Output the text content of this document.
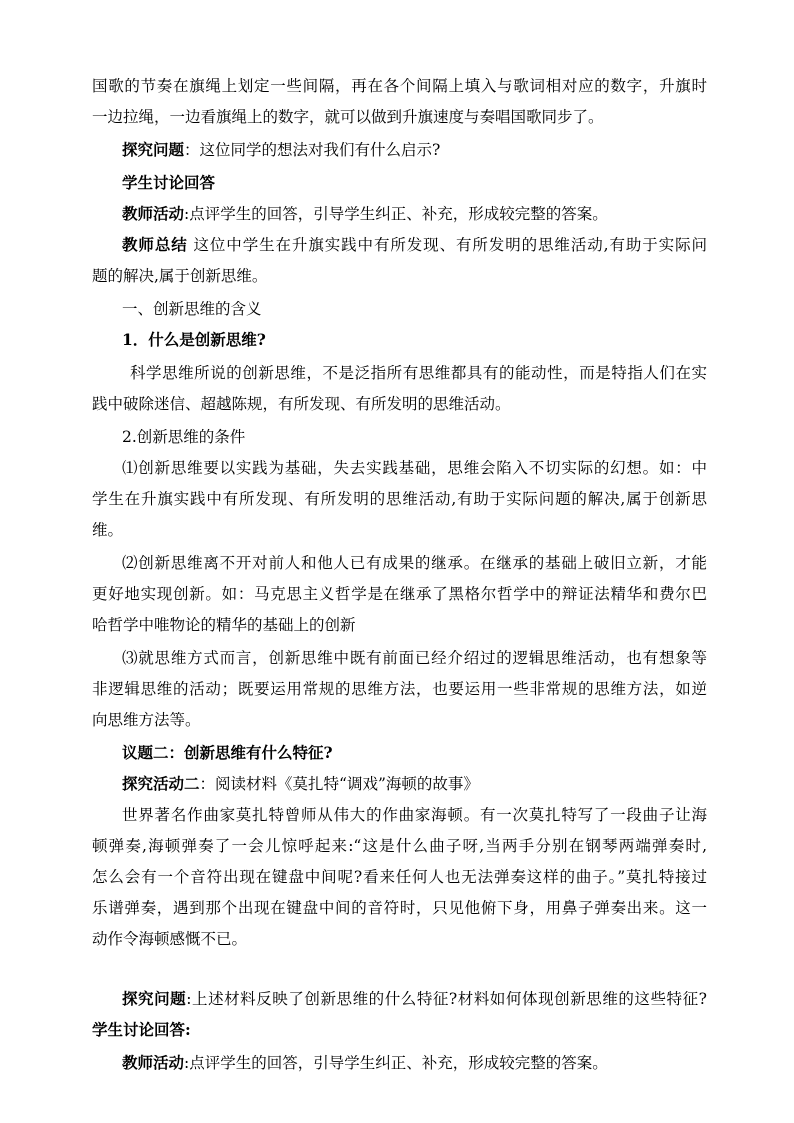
国歌的节奏在旗绳上划定一些间隔，再在各个间隔上填入与歌词相对应的数字，升旗时
一边拉绳，一边看旗绳上的数字，就可以做到升旗速度与奏唱国歌同步了。
探究问题：这位同学的想法对我们有什么启示?
学生讨论回答
教师活动:点评学生的回答，引导学生纠正、补充，形成较完整的答案。
教师总结 这位中学生在升旗实践中有所发现、有所发明的思维活动,有助于实际问
题的解决,属于创新思维。
一、创新思维的含义
1．什么是创新思维?
科学思维所说的创新思维，不是泛指所有思维都具有的能动性，而是特指人们在实
践中破除迷信、超越陈规，有所发现、有所发明的思维活动。
2.创新思维的条件
⑴创新思维要以实践为基础，失去实践基础，思维会陷入不切实际的幻想。如：中
学生在升旗实践中有所发现、有所发明的思维活动,有助于实际问题的解决,属于创新思
维。
⑵创新思维离不开对前人和他人已有成果的继承。在继承的基础上破旧立新，才能
更好地实现创新。如：马克思主义哲学是在继承了黑格尔哲学中的辩证法精华和费尔巴
哈哲学中唯物论的精华的基础上的创新
⑶就思维方式而言，创新思维中既有前面已经介绍过的逻辑思维活动，也有想象等
非逻辑思维的活动；既要运用常规的思维方法，也要运用一些非常规的思维方法，如逆
向思维方法等。
议题二：创新思维有什么特征?
探究活动二：阅读材料《莫扎特“调戏”海顿的故事》
世界著名作曲家莫扎特曾师从伟大的作曲家海顿。有一次莫扎特写了一段曲子让海
顿弹奏,海顿弹奏了一会儿惊呼起来:“这是什么曲子呀,当两手分别在钢琴两端弹奏时,
怎么会有一个音符出现在键盘中间呢?看来任何人也无法弹奏这样的曲子。”莫扎特接过
乐谱弹奏，遇到那个出现在键盘中间的音符时，只见他俯下身，用鼻子弹奏出来。这一
动作令海顿感慨不已。
探究问题:上述材料反映了创新思维的什么特征?材料如何体现创新思维的这些特征?
学生讨论回答:
教师活动:点评学生的回答，引导学生纠正、补充，形成较完整的答案。
